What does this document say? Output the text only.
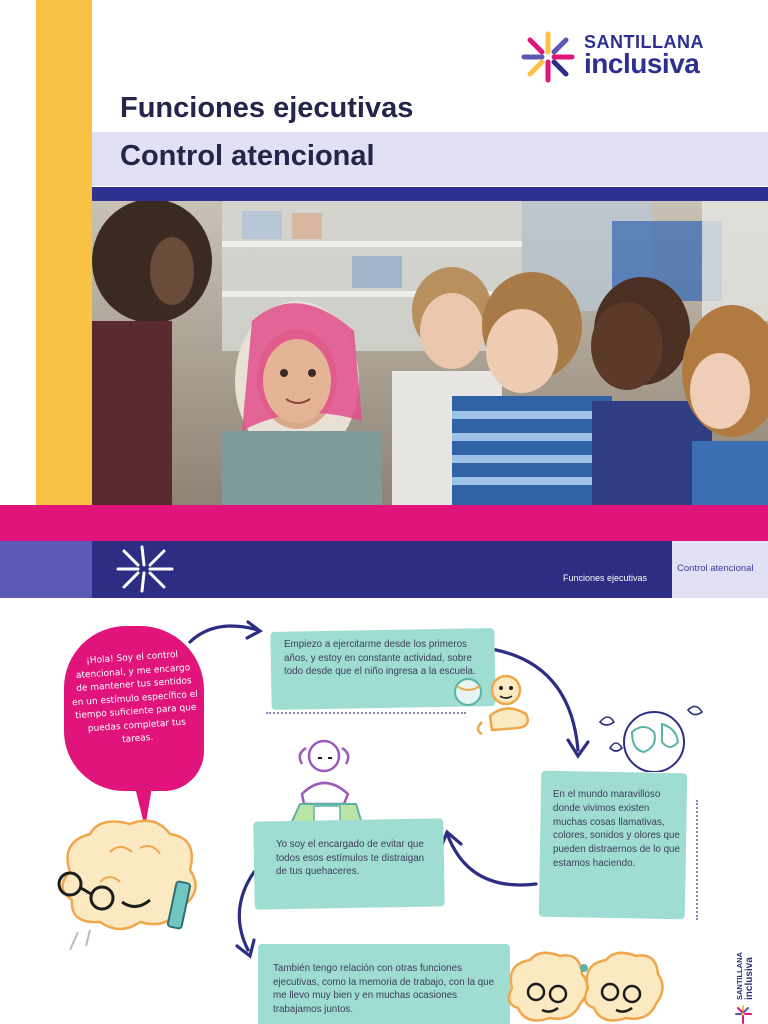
SANTILLANA
inclusiva
Funciones ejecutivas
Control atencional
Funciones ejecutivas
Control atencional

¡Hola! Soy el control atencional, y me encargo de mantener tus sentidos en un estímulo específico el tiempo suficiente para que puedas completar tus tareas.

Empiezo a ejercitarme desde los primeros años, y estoy en constante actividad, sobre todo desde que el niño ingresa a la escuela.
En el mundo maravilloso donde vivimos existen muchas cosas llamativas, colores, sonidos y olores que pueden distraernos de lo que estamos haciendo.
Yo soy el encargado de evitar que todos esos estímulos te distraigan de tus quehaceres.
También tengo relación con otras funciones ejecutivas, como la memoria de trabajo, con la que me llevo muy bien y en muchas ocasiones trabajamos juntos.
SANTILLANA inclusiva
